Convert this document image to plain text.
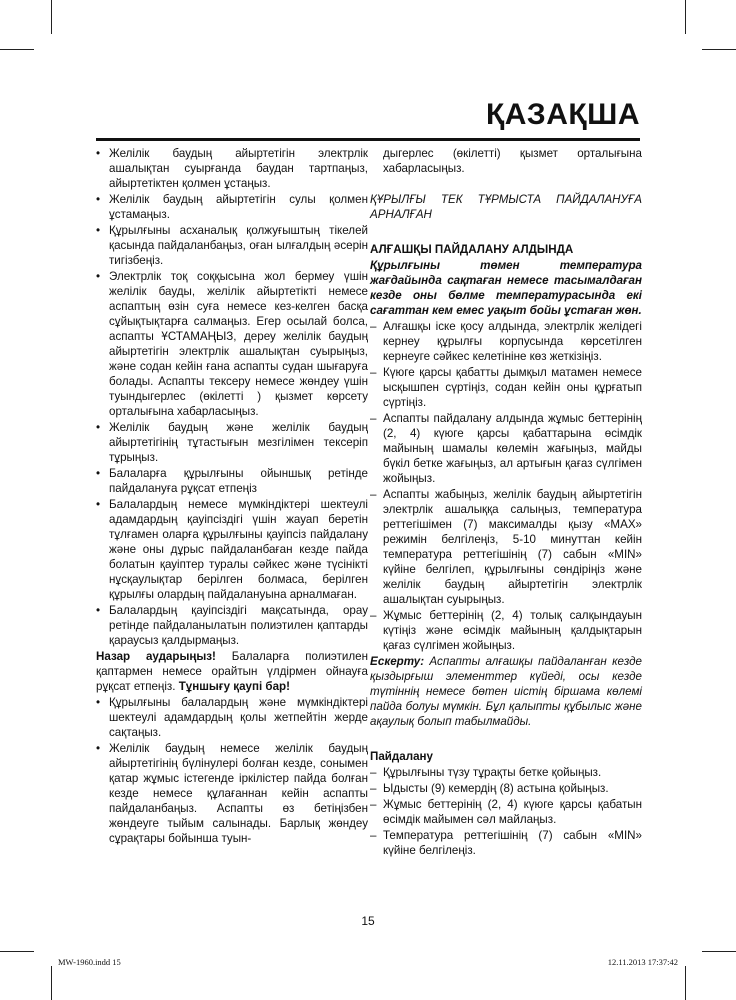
ҚАЗАҚША
• Желілік баудың айыртетігін электрлік ашалықтан суырғанда баудан тартпаңыз, айыртетіктен қолмен ұстаңыз.
• Желілік баудың айыртетігін сулы қолмен ұстамаңыз.
• Құрылғыны асханалық қолжуғыштың тікелей қасында пайдаланбаңыз, оған ылғалдың әсерін тигізбеңіз.
• Электрлік тоқ соққысына жол бермеу үшін желілік бауды, желілік айыртетікті немесе аспаптың өзін суға немесе кез-келген басқа сұйықтықтарға салмаңыз. Егер осылай болса, аспапты ҰСТАМАҢЫЗ, дереу желілік баудың айыртетігін электрлік ашалықтан суырыңыз, және содан кейін ғана аспапты судан шығаруға болады. Аспапты тексеру немесе жөндеу үшін туындыгерлес (өкілетті ) қызмет көрсету орталығына хабарласыңыз.
• Желілік баудың және желілік баудың айыртетігінің тұтастығын мезгілімен тексеріп тұрыңыз.
• Балаларға құрылғыны ойыншық ретінде пайдалануға рұқсат етпеңіз
• Балалардың немесе мүмкіндіктері шектеулі адамдардың қауіпсіздігі үшін жауап беретін тұлғамен оларға құрылғыны қауіпсіз пайдалану және оны дұрыс пайдаланбаған кезде пайда болатын қауіптер туралы сәйкес және түсінікті нұсқаулықтар берілген болмаса, берілген құрылғы олардың пайдалануына арналмаған.
• Балалардың қауіпсіздігі мақсатында, орау ретінде пайдаланылатын полиэтилен қаптарды қараусыз қалдырмаңыз.

Назар аударыңыз! Балаларға полиэтилен қаптармен немесе орайтын үлдірмен ойнауға рұқсат етпеңіз. Тұншығу қаупі бар!

• Құрылғыны балалардың және мүмкіндіктері шектеулі адамдардың қолы жетпейтін жерде сақтаңыз.
• Желілік баудың немесе желілік баудың айыртетігінің бүлінулері болған кезде, сонымен қатар жұмыс істегенде іркілістер пайда болған кезде немесе құлағаннан кейін аспапты пайдаланбаңыз. Аспапты өз бетіңізбен жөндеуге тыйым салынады. Барлық жөндеу сұрақтары бойынша туын-

дыгерлес (өкілетті) қызмет орталығына хабарласыңыз.

ҚҰРЫЛҒЫ ТЕК ТҰРМЫСТА ПАЙДАЛАНУҒА АРНАЛҒАН

АЛҒАШҚЫ ПАЙДАЛАНУ АЛДЫНДА

Құрылғыны төмен температура жағдайында сақтаған немесе тасымалдаған кезде оны бөлме температурасында екі сағаттан кем емес уақыт бойы ұстаған жөн.

– Алғашқы іске қосу алдында, электрлік желідегі кернеу құрылғы корпусында көрсетілген кернеуге сәйкес келетініне көз жеткізіңіз.
– Күюге қарсы қабатты дымқыл матамен немесе ысқышпен сүртіңіз, содан кейін оны құрғатып сүртіңіз.
– Аспапты пайдалану алдында жұмыс беттерінің (2, 4) күюге қарсы қабаттарына өсімдік майының шамалы көлемін жағыңыз, майды бүкіл бетке жағыңыз, ал артығын қағаз сүлгімен жойыңыз.
– Аспапты жабыңыз, желілік баудың айыртетігін электрлік ашалыққа салыңыз, температура реттегішімен (7) максималды қызу «MAX» режимін белгілеңіз, 5-10 минуттан кейін температура реттегішінің (7) сабын «MIN» күйіне белгілеп, құрылғыны сөндіріңіз және желілік баудың айыртетігін электрлік ашалықтан суырыңыз.
– Жұмыс беттерінің (2, 4) толық салқындауын күтіңіз және өсімдік майының қалдықтарын қағаз сүлгімен жойыңыз.

Ескерту: Аспапты алғашқы пайдаланған кезде қыздырғыш элементтер күйеді, осы кезде түтіннің немесе бөтен иістің біршама көлемі пайда болуы мүмкін. Бұл қалыпты құбылыс және ақаулық болып табылмайды.

Пайдалану

– Құрылғыны түзу тұрақты бетке қойыңыз.
– Ыдысты (9) кемердің (8) астына қойыңыз.
– Жұмыс беттерінің (2, 4) күюге қарсы қабатын өсімдік майымен сәл майлаңыз.
– Температура реттегішінің (7) сабын «MIN» күйіне белгілеңіз.
15
MW-1960.indd 15	12.11.2013 17:37:42
